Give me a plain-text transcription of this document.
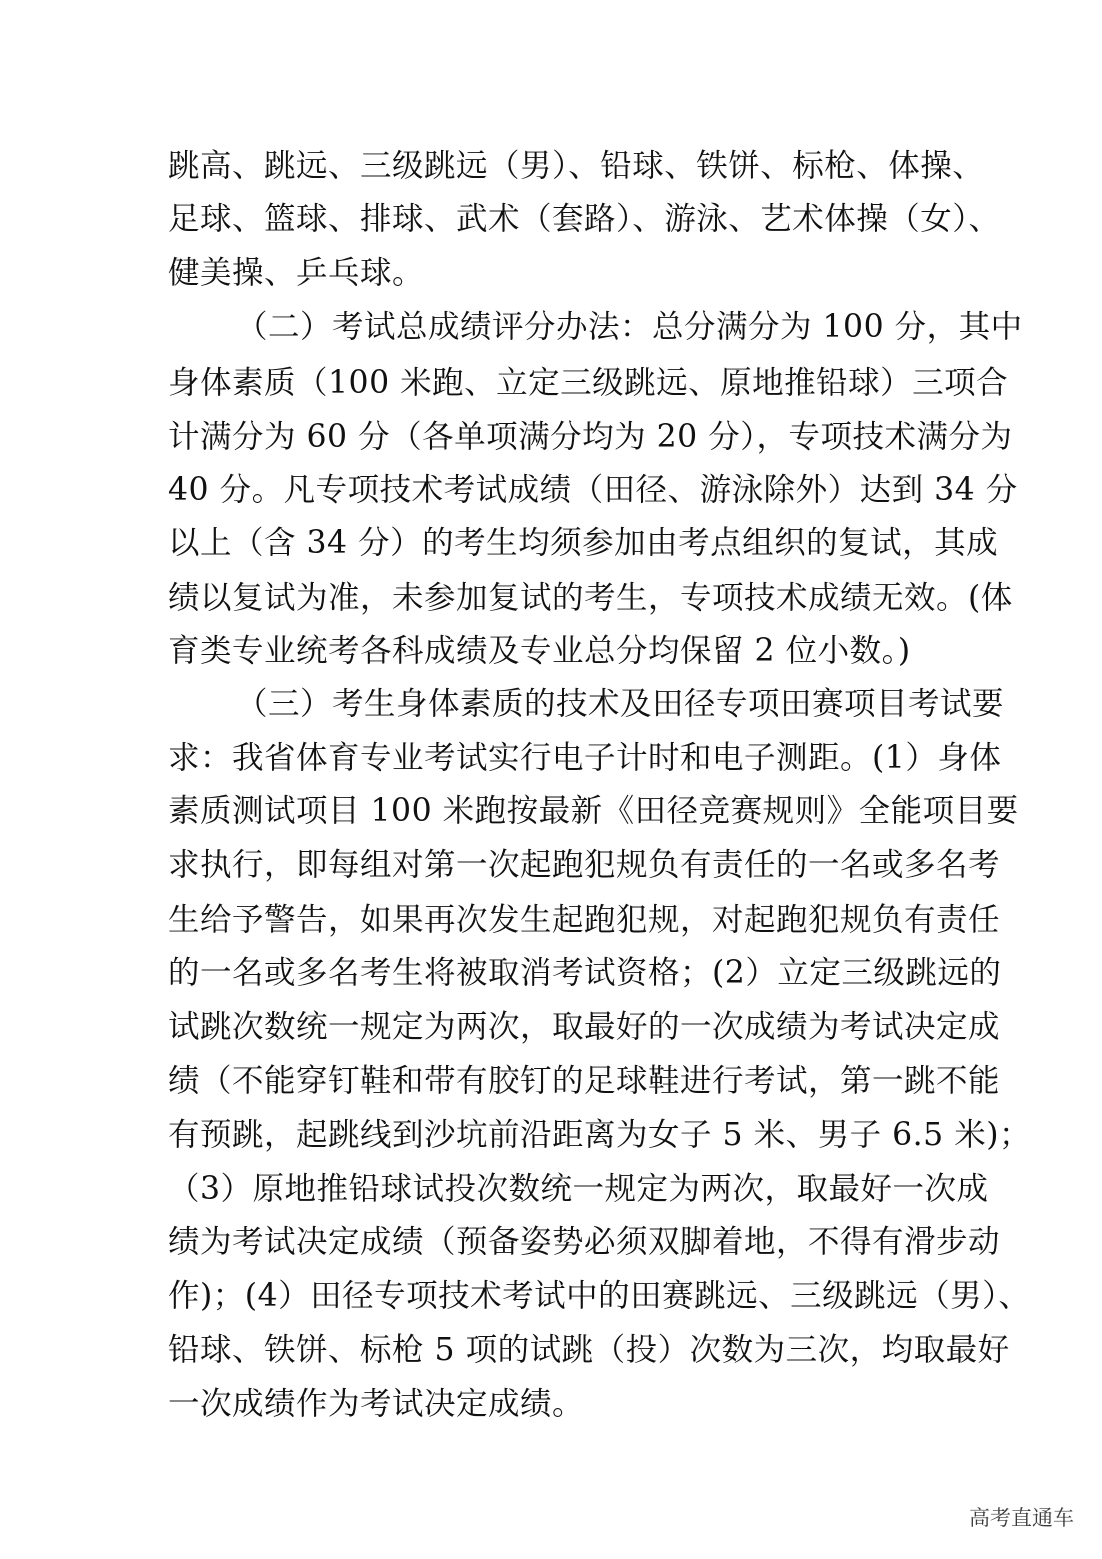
跳高、跳远、三级跳远（男）、铅球、铁饼、标枪、体操、
足球、篮球、排球、武术（套路）、游泳、艺术体操（女）、
健美操、乒乓球。
（二）考试总成绩评分办法：总分满分为 100 分，其中
身体素质（100 米跑、立定三级跳远、原地推铅球）三项合
计满分为 60 分（各单项满分均为 20 分），专项技术满分为
40 分。凡专项技术考试成绩（田径、游泳除外）达到 34 分
以上（含 34 分）的考生均须参加由考点组织的复试，其成
绩以复试为准，未参加复试的考生，专项技术成绩无效。(体
育类专业统考各科成绩及专业总分均保留 2 位小数。)
（三）考生身体素质的技术及田径专项田赛项目考试要
求：我省体育专业考试实行电子计时和电子测距。(1）身体
素质测试项目 100 米跑按最新《田径竞赛规则》全能项目要
求执行，即每组对第一次起跑犯规负有责任的一名或多名考
生给予警告，如果再次发生起跑犯规，对起跑犯规负有责任
的一名或多名考生将被取消考试资格；(2）立定三级跳远的
试跳次数统一规定为两次，取最好的一次成绩为考试决定成
绩（不能穿钉鞋和带有胶钉的足球鞋进行考试，第一跳不能
有预跳，起跳线到沙坑前沿距离为女子 5 米、男子 6.5 米)；
（3）原地推铅球试投次数统一规定为两次，取最好一次成
绩为考试决定成绩（预备姿势必须双脚着地，不得有滑步动
作)；(4）田径专项技术考试中的田赛跳远、三级跳远（男）、
铅球、铁饼、标枪 5 项的试跳（投）次数为三次，均取最好
一次成绩作为考试决定成绩。
高考直通车
